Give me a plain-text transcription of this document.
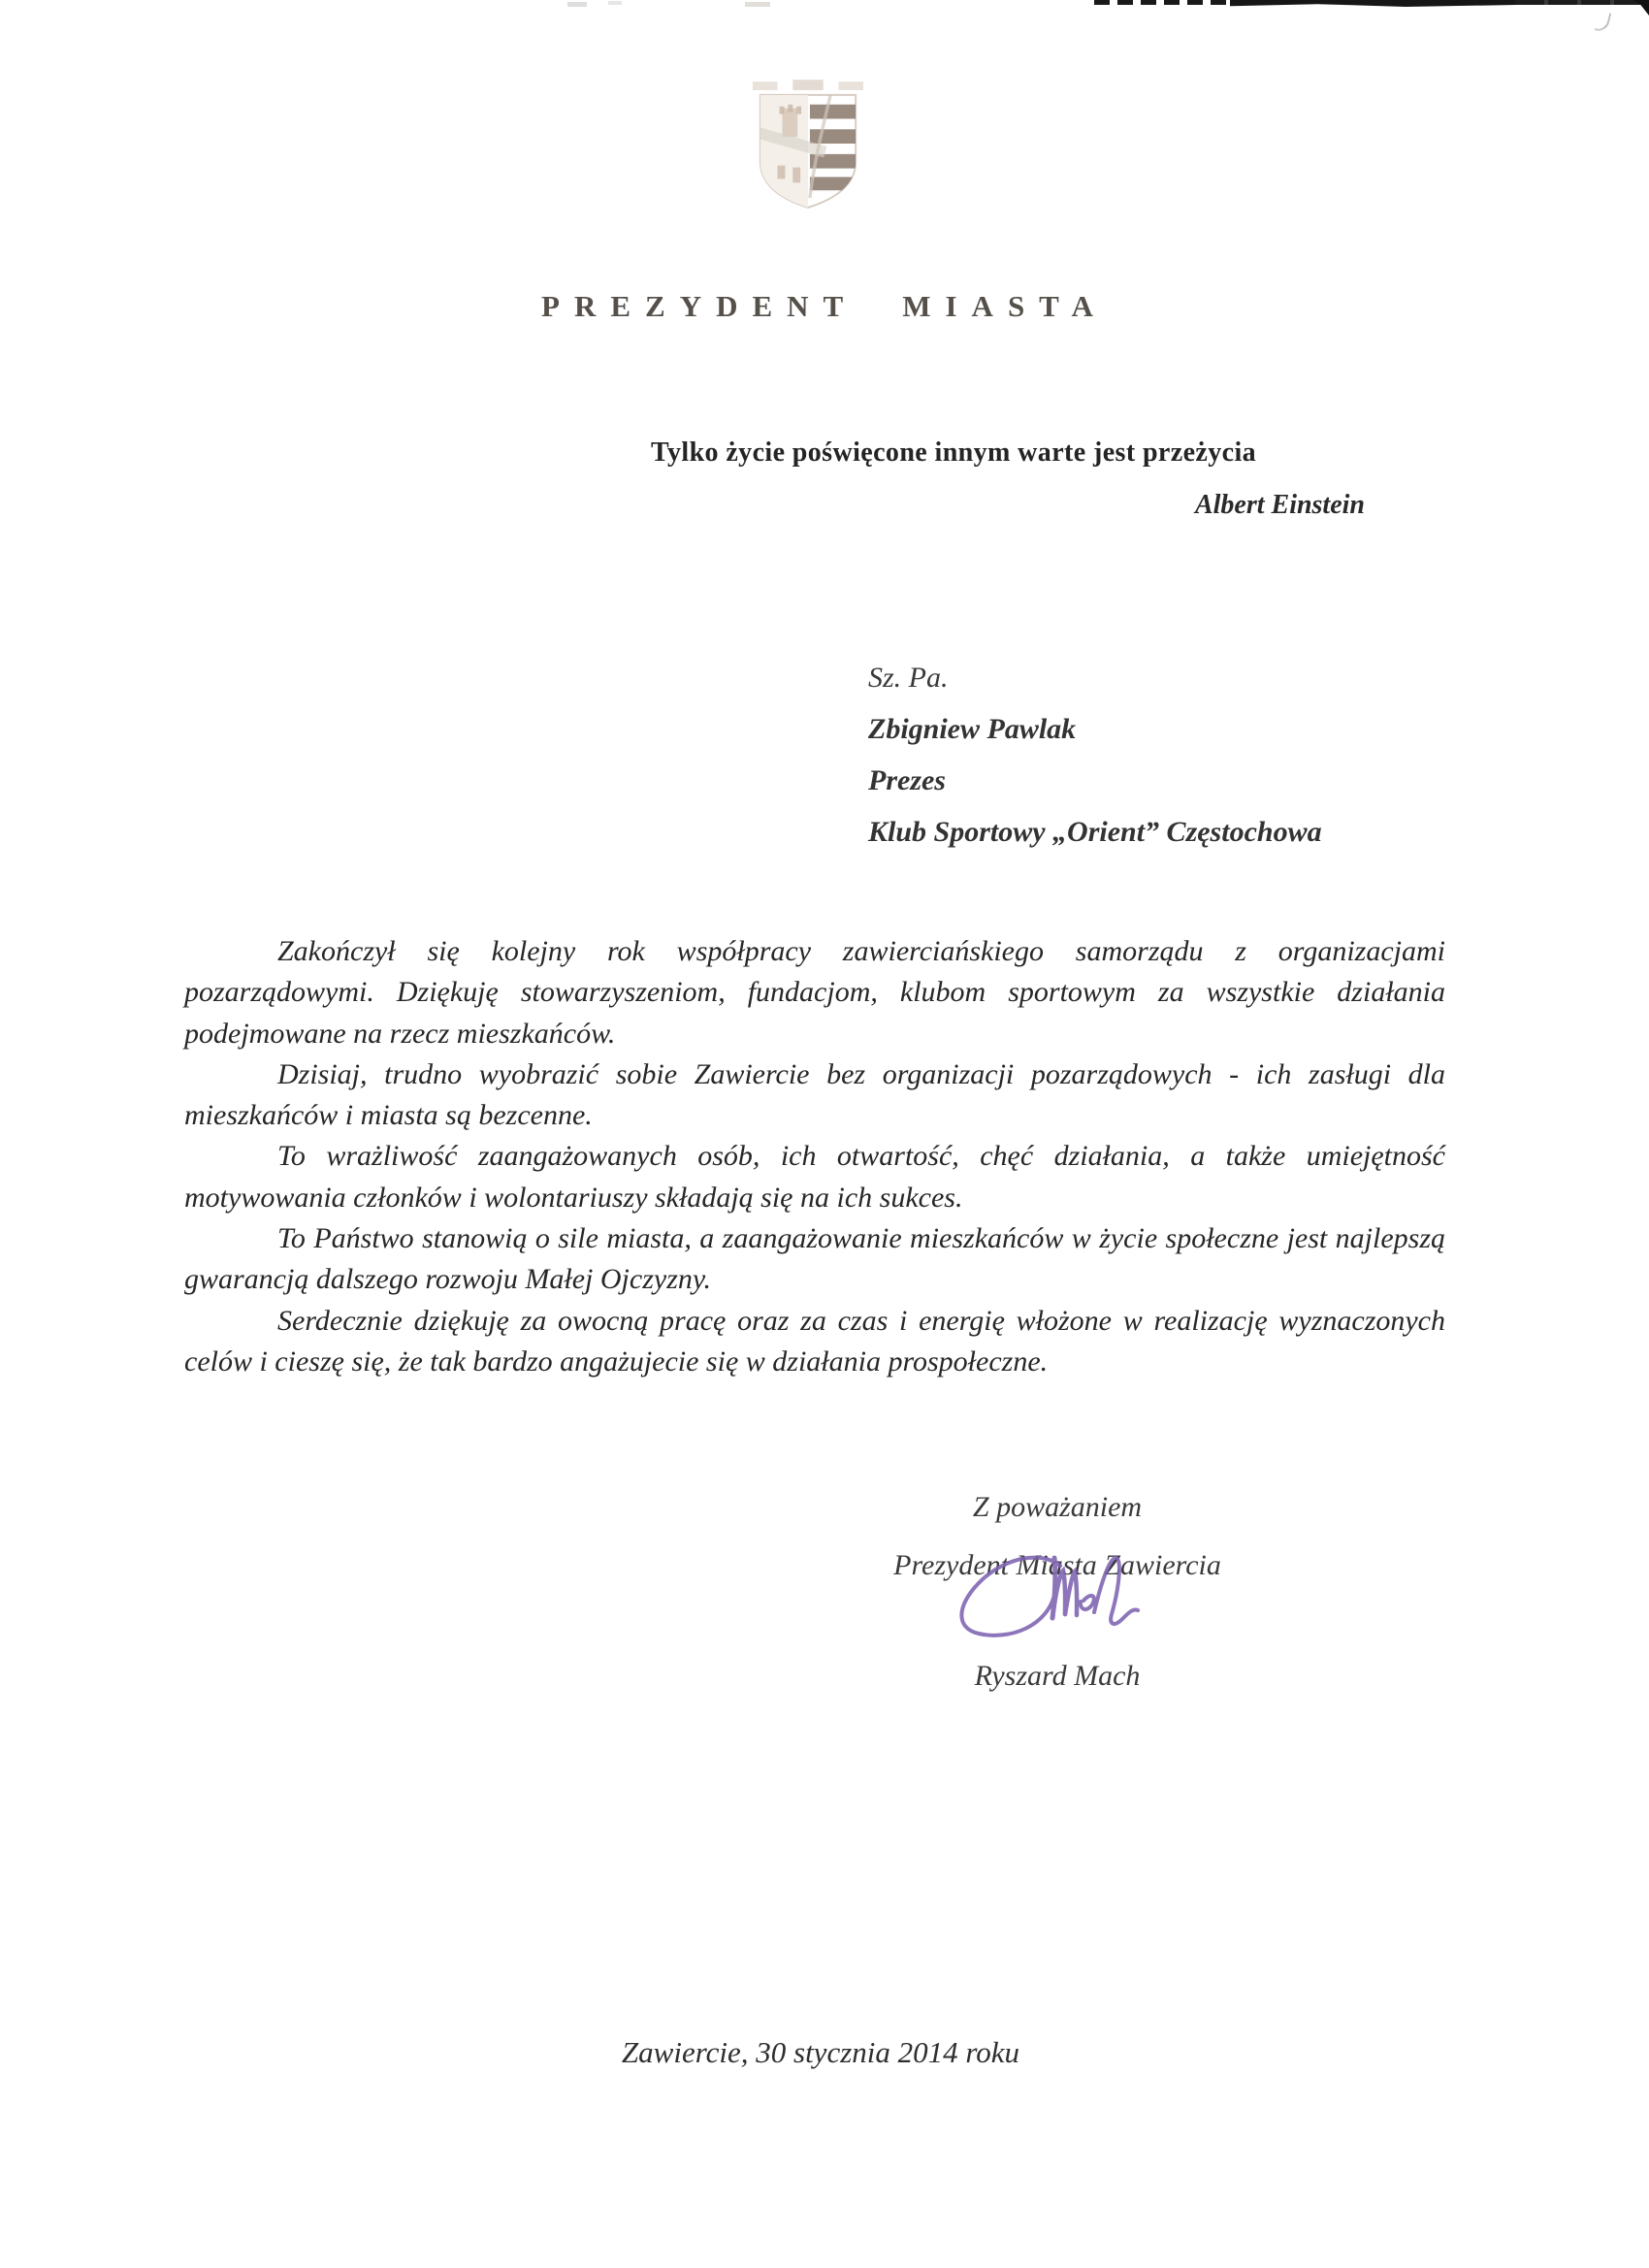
PREZYDENT MIASTA
Tylko życie poświęcone innym warte jest przeżycia
Albert Einstein
Sz. Pa.
Zbigniew Pawlak
Prezes
Klub Sportowy „Orient” Częstochowa

Zakończył się kolejny rok współpracy zawierciańskiego samorządu z organizacjami pozarządowymi. Dziękuję stowarzyszeniom, fundacjom, klubom sportowym za wszystkie działania podejmowane na rzecz mieszkańców.

Dzisiaj, trudno wyobrazić sobie Zawiercie bez organizacji pozarządowych - ich zasługi dla mieszkańców i miasta są bezcenne.

To wrażliwość zaangażowanych osób, ich otwartość, chęć działania, a także umiejętność motywowania członków i wolontariuszy składają się na ich sukces.

To Państwo stanowią o sile miasta, a zaangażowanie mieszkańców w życie społeczne jest najlepszą gwarancją dalszego rozwoju Małej Ojczyzny.

Serdecznie dziękuję za owocną pracę oraz za czas i energię włożone w realizację wyznaczonych celów i cieszę się, że tak bardzo angażujecie się w działania prospołeczne.

Z poważaniem
Prezydent Miasta Zawiercia
Ryszard Mach
Zawiercie, 30 stycznia 2014 roku
